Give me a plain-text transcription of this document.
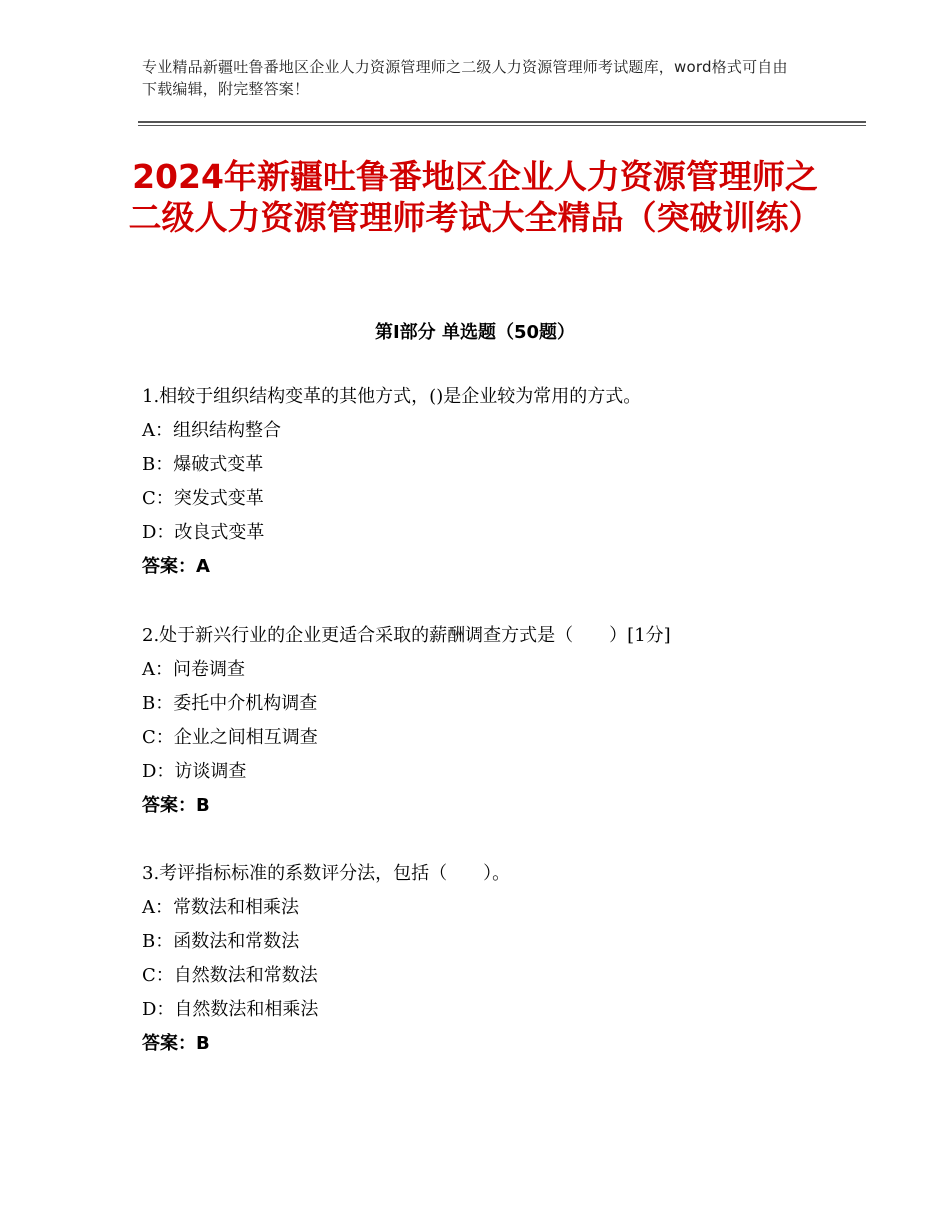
专业精品新疆吐鲁番地区企业人力资源管理师之二级人力资源管理师考试题库，word格式可自由下载编辑，附完整答案！
2024年新疆吐鲁番地区企业人力资源管理师之二级人力资源管理师考试大全精品（突破训练）
第Ⅰ部分 单选题（50题）
1.相较于组织结构变革的其他方式，()是企业较为常用的方式。
A：组织结构整合
B：爆破式变革
C：突发式变革
D：改良式变革
答案：A
2.处于新兴行业的企业更适合采取的薪酬调查方式是（　　）[1分]
A：问卷调查
B：委托中介机构调查
C：企业之间相互调查
D：访谈调查
答案：B
3.考评指标标准的系数评分法，包括（　　）。
A：常数法和相乘法
B：函数法和常数法
C：自然数法和常数法
D：自然数法和相乘法
答案：B
